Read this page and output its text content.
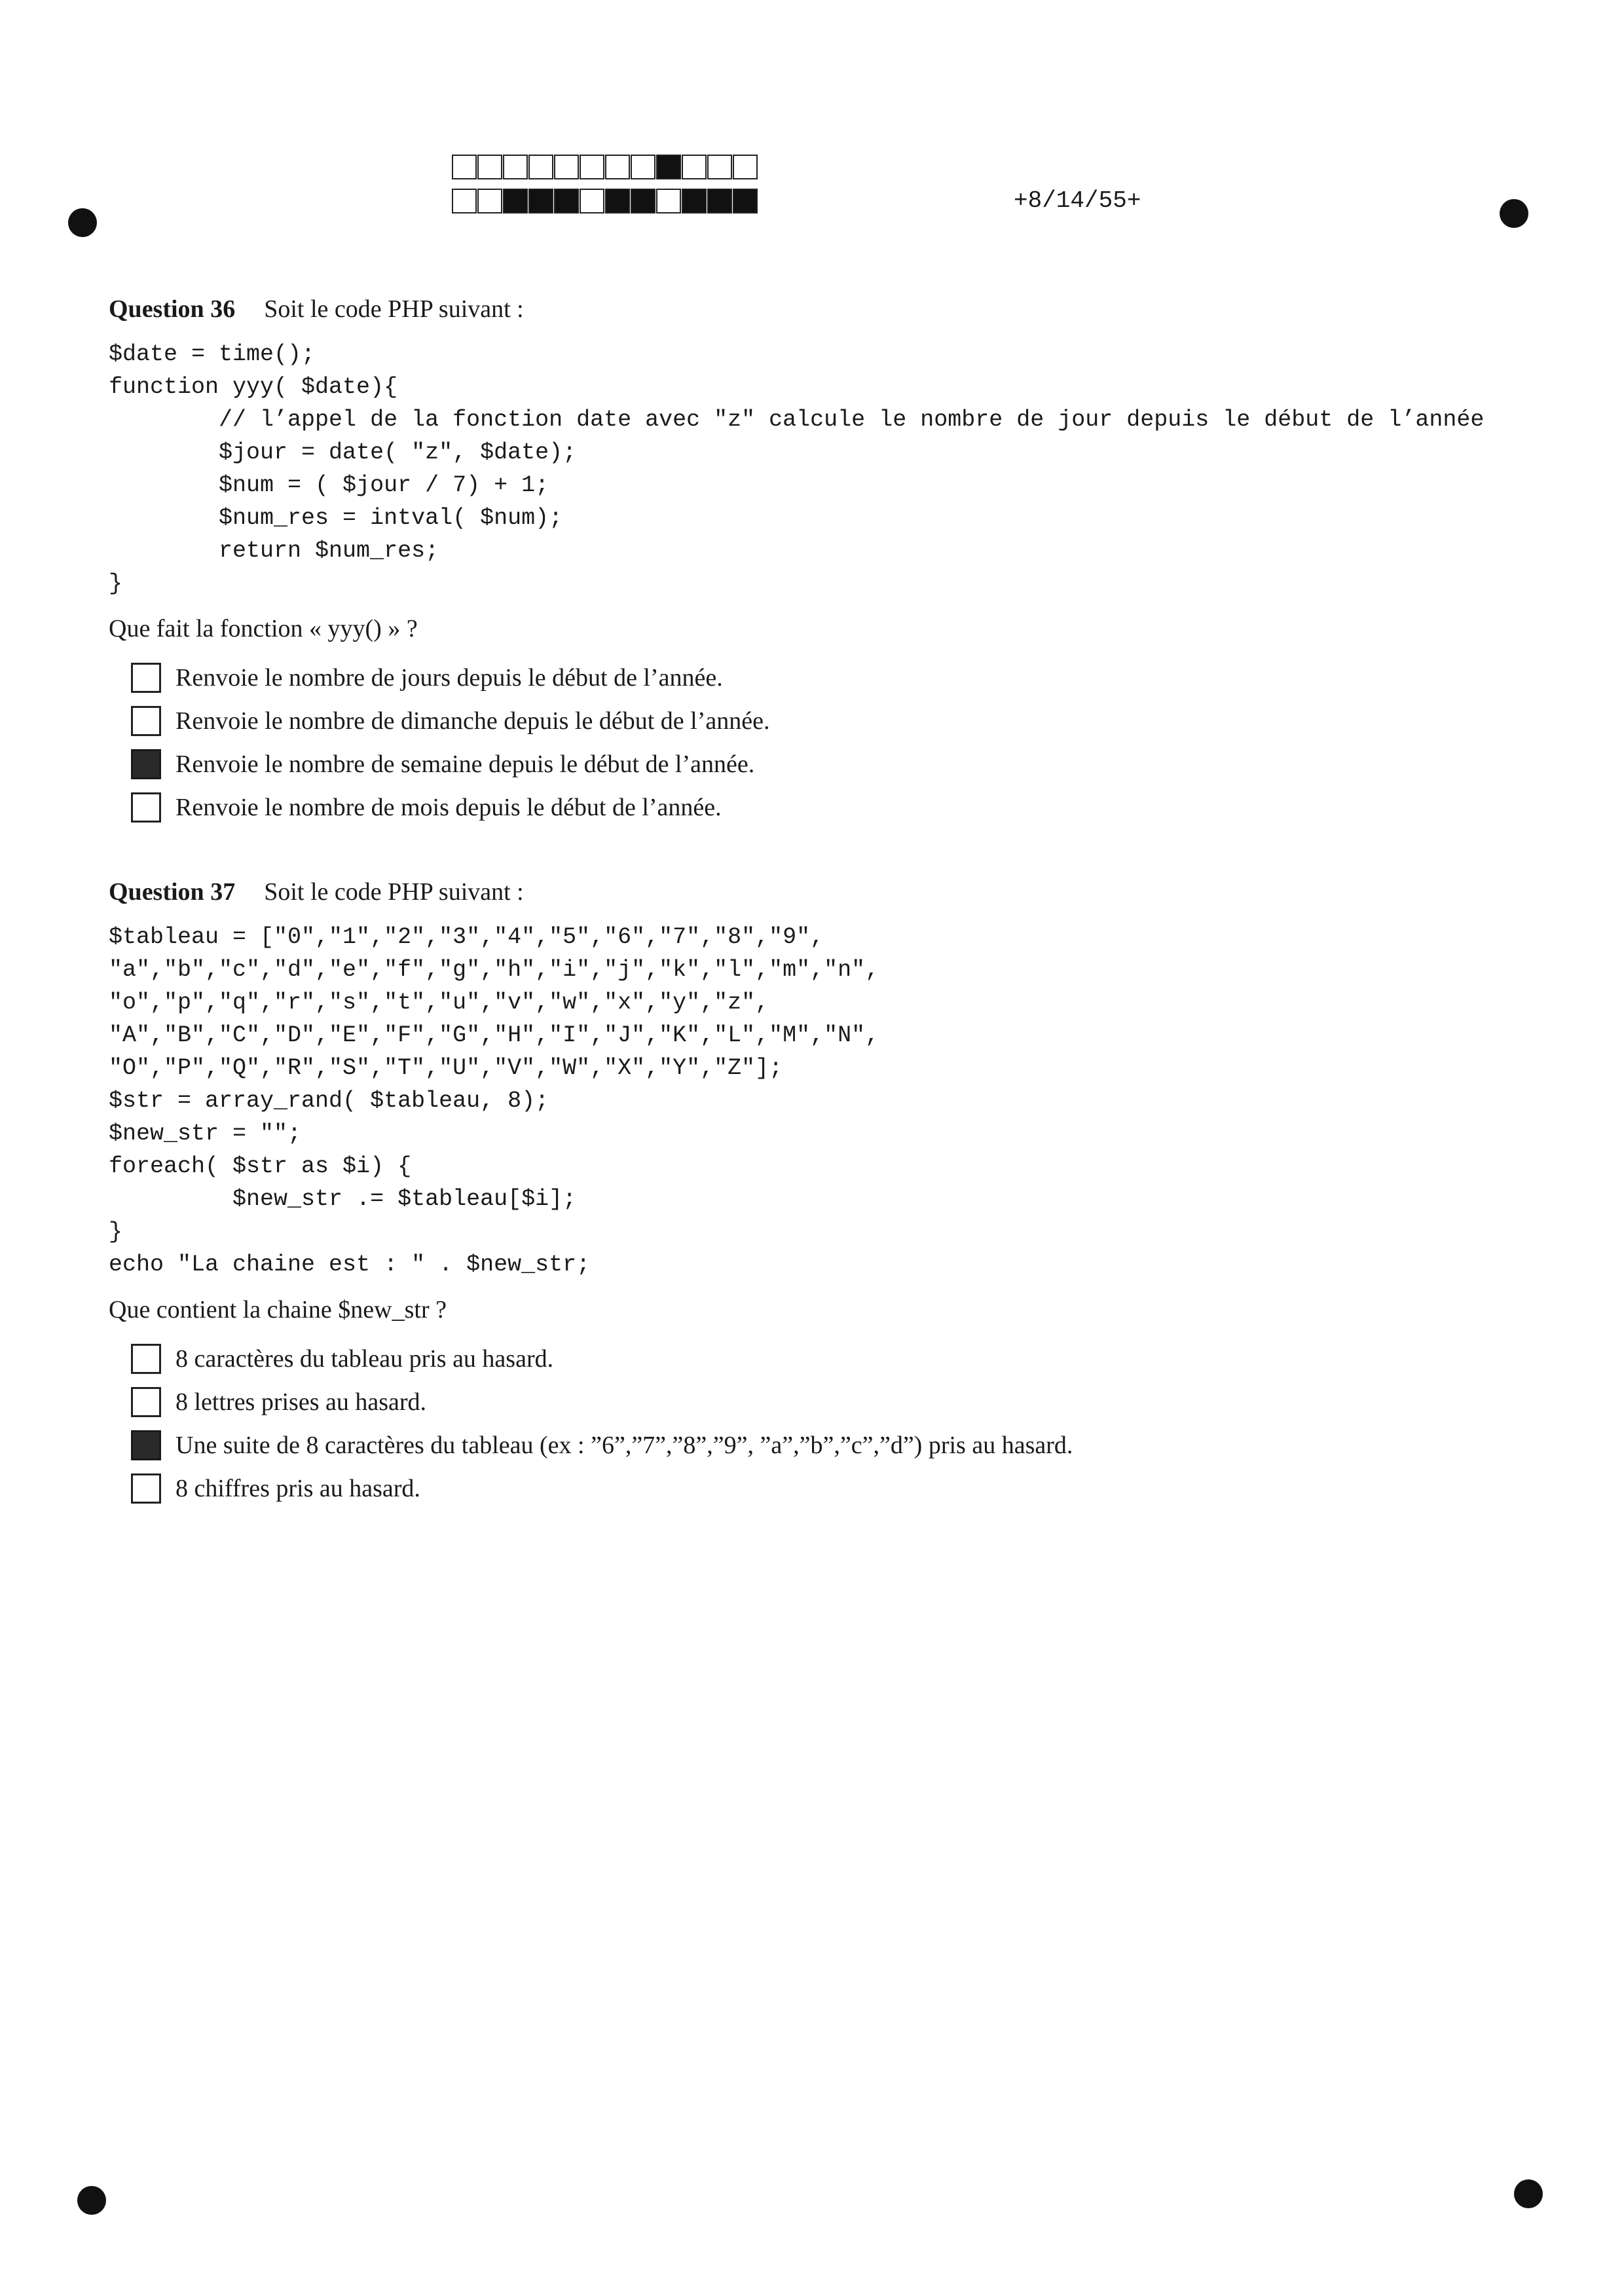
+8/14/55+
Question 36 Soit le code PHP suivant :
$date = time();
function yyy( $date){
// l’appel de la fonction date avec "z" calcule le nombre de jour depuis le début de l’année
$jour = date( "z", $date);
$num = ( $jour / 7) + 1;
$num_res = intval( $num);
return $num_res;
}
Que fait la fonction « yyy() » ?
Renvoie le nombre de jours depuis le début de l’année.
Renvoie le nombre de dimanche depuis le début de l’année.
Renvoie le nombre de semaine depuis le début de l’année.
Renvoie le nombre de mois depuis le début de l’année.
Question 37 Soit le code PHP suivant :
$tableau = ["0","1","2","3","4","5","6","7","8","9",
"a","b","c","d","e","f","g","h","i","j","k","l","m","n",
"o","p","q","r","s","t","u","v","w","x","y","z",
"A","B","C","D","E","F","G","H","I","J","K","L","M","N",
"O","P","Q","R","S","T","U","V","W","X","Y","Z"];
$str = array_rand( $tableau, 8);
$new_str = "";
foreach( $str as $i) {
$new_str .= $tableau[$i];
}
echo "La chaine est : " . $new_str;
Que contient la chaine $new_str ?
8 caractères du tableau pris au hasard.
8 lettres prises au hasard.
Une suite de 8 caractères du tableau (ex : ”6”,”7”,”8”,”9”, ”a”,”b”,”c”,”d”) pris au hasard.
8 chiffres pris au hasard.
